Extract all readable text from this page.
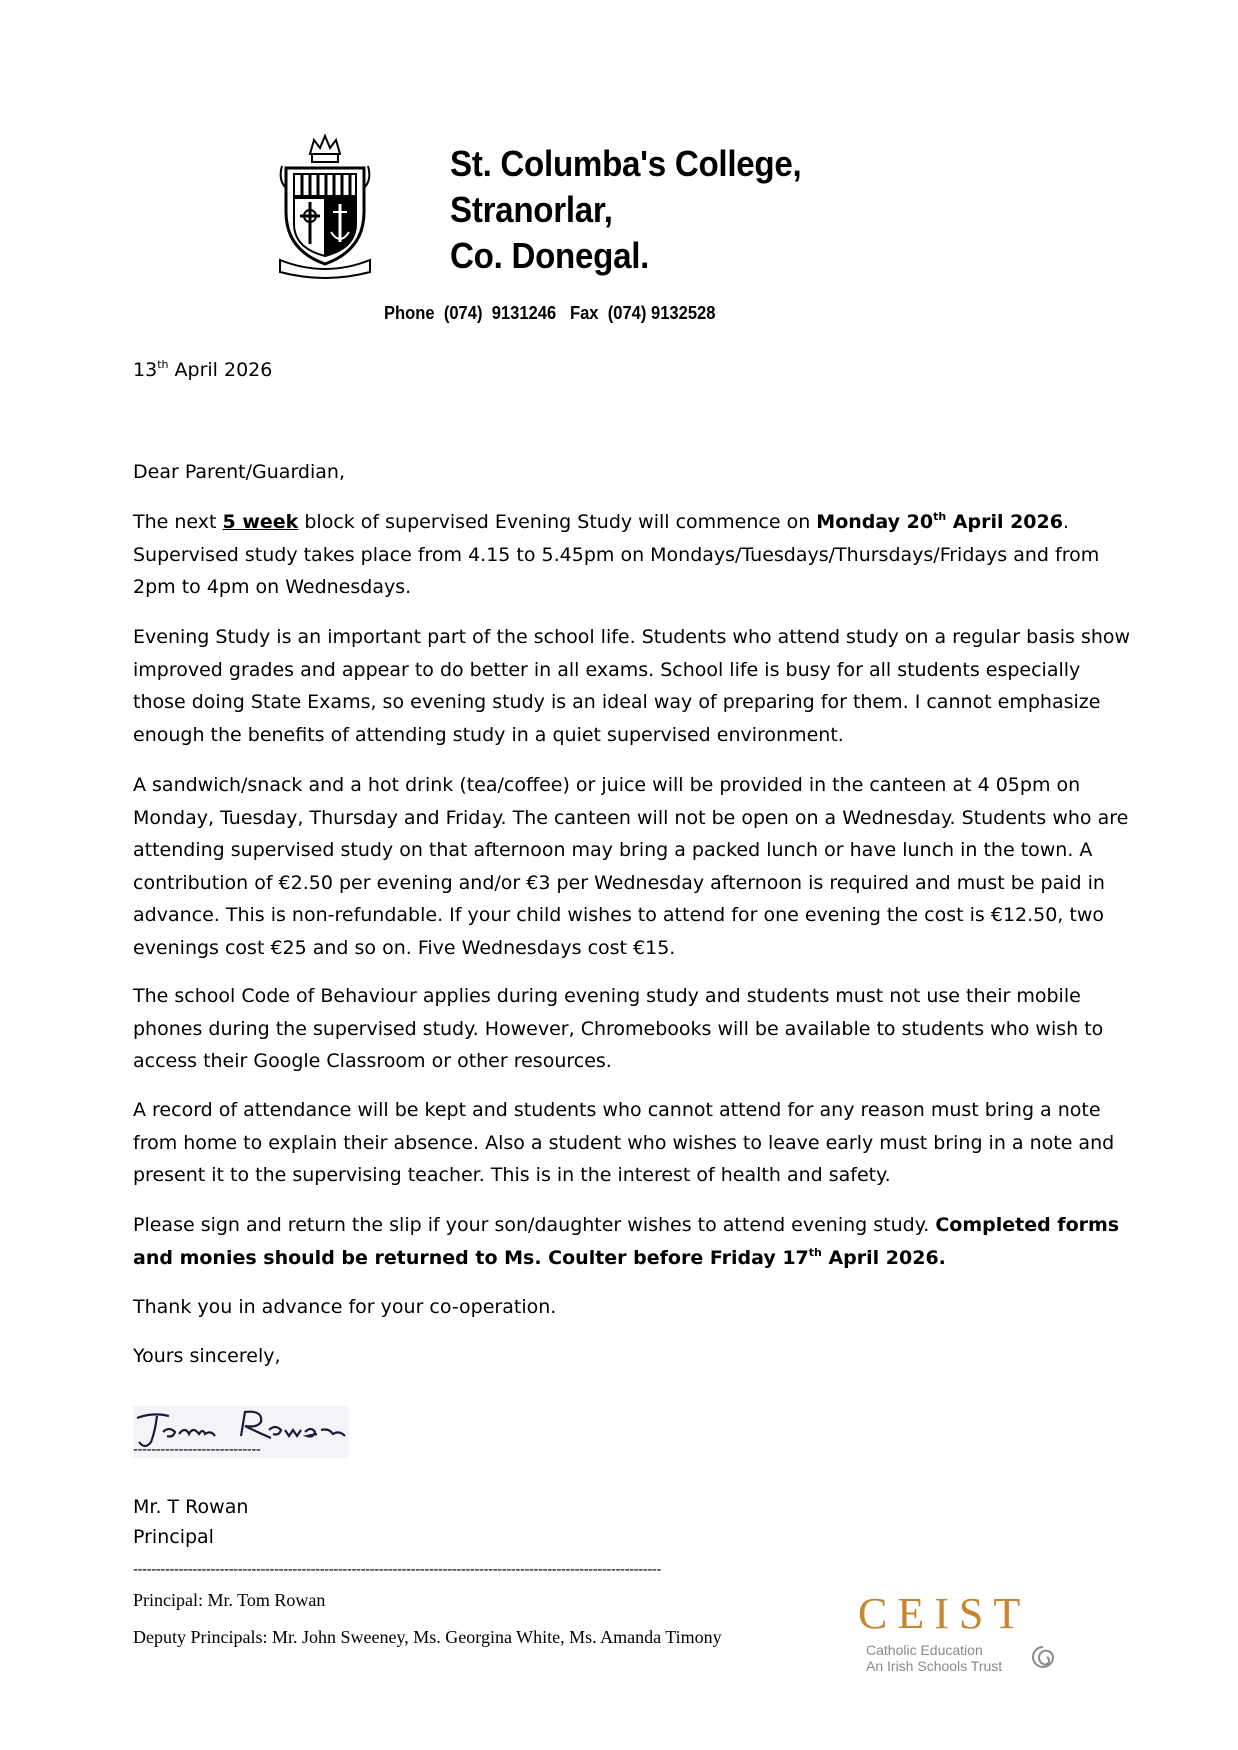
St. Columba's College,
Stranorlar,
Co. Donegal.
Phone (074)  9131246 Fax (074) 9132528
13th April 2026

Dear Parent/Guardian,

The next 5 week block of supervised Evening Study will commence on Monday 20th April 2026. Supervised study takes place from 4.15 to 5.45pm on Mondays/Tuesdays/Thursdays/Fridays and from 2pm to 4pm on Wednesdays.

Evening Study is an important part of the school life. Students who attend study on a regular basis show improved grades and appear to do better in all exams. School life is busy for all students especially those doing State Exams, so evening study is an ideal way of preparing for them. I cannot emphasize enough the benefits of attending study in a quiet supervised environment.

A sandwich/snack and a hot drink (tea/coffee) or juice will be provided in the canteen at 4 05pm on Monday, Tuesday, Thursday and Friday. The canteen will not be open on a Wednesday. Students who are attending supervised study on that afternoon may bring a packed lunch or have lunch in the town. A contribution of €2.50 per evening and/or €3 per Wednesday afternoon is required and must be paid in advance. This is non-refundable. If your child wishes to attend for one evening the cost is €12.50, two evenings cost €25 and so on. Five Wednesdays cost €15.

The school Code of Behaviour applies during evening study and students must not use their mobile phones during the supervised study. However, Chromebooks will be available to students who wish to access their Google Classroom or other resources.

A record of attendance will be kept and students who cannot attend for any reason must bring a note from home to explain their absence. Also a student who wishes to leave early must bring in a note and present it to the supervising teacher. This is in the interest of health and safety.

Please sign and return the slip if your son/daughter wishes to attend evening study. Completed forms and monies should be returned to Ms. Coulter before Friday 17th April 2026.

Thank you in advance for your co-operation.

Yours sincerely,

----------------------------
Mr. T Rowan
Principal
--------------------------------------------------------------------------------------------------------------------
Principal: Mr. Tom Rowan
Deputy Principals: Mr. John Sweeney, Ms. Georgina White, Ms. Amanda Timony	CEIST
Catholic Education
An Irish Schools Trust
